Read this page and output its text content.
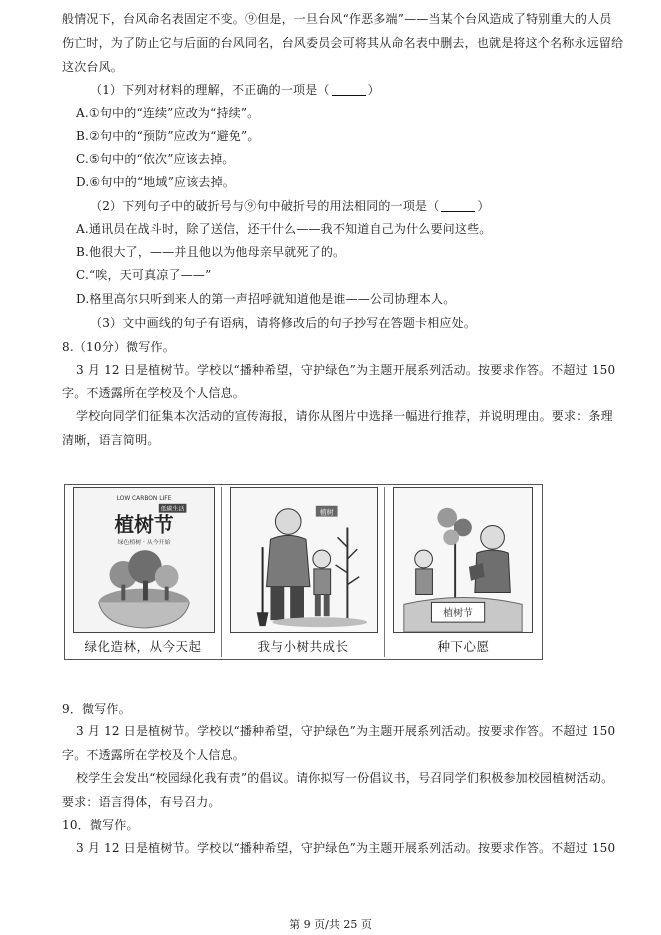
般情况下，台风命名表固定不变。⑨但是，一旦台风“作恶多端”——当某个台风造成了特别重大的人员
伤亡时，为了防止它与后面的台风同名，台风委员会可将其从命名表中删去，也就是将这个名称永远留给
这次台风。
（1）下列对材料的理解，不正确的一项是（	）
A.①句中的“连续”应改为“持续”。
B.②句中的“预防”应改为“避免”。
C.⑤句中的“依次”应该去掉。
D.⑥句中的“地域”应该去掉。
（2）下列句子中的破折号与⑨句中破折号的用法相同的一项是（	）
A.通讯员在战斗时，除了送信，还干什么——我不知道自己为什么要问这些。
B.他很大了，——并且他以为他母亲早就死了的。
C.“唉，天可真凉了——”
D.格里高尔只听到来人的第一声招呼就知道他是谁——公司协理本人。
（3）文中画线的句子有语病，请将修改后的句子抄写在答题卡相应处。
8.（10分）微写作。
3 月 12 日是植树节。学校以“播种希望，守护绿色”为主题开展系列活动。按要求作答。不超过 150
字。不透露所在学校及个人信息。
学校向同学们征集本次活动的宣传海报，请你从图片中选择一幅进行推荐，并说明理由。要求：条理
清晰，语言简明。
LOW CARBON LIFE
低碳生活
植树节
绿色植树 · 从今开始
绿化造林，从今天起
植树
我与小树共成长
植树节
种下心愿
9．微写作。
3 月 12 日是植树节。学校以“播种希望，守护绿色”为主题开展系列活动。按要求作答。不超过 150
字。不透露所在学校及个人信息。
校学生会发出“校园绿化我有责”的倡议。请你拟写一份倡议书，号召同学们积极参加校园植树活动。
要求：语言得体，有号召力。
10．微写作。
3 月 12 日是植树节。学校以“播种希望，守护绿色”为主题开展系列活动。按要求作答。不超过 150
第 9 页/共 25 页
